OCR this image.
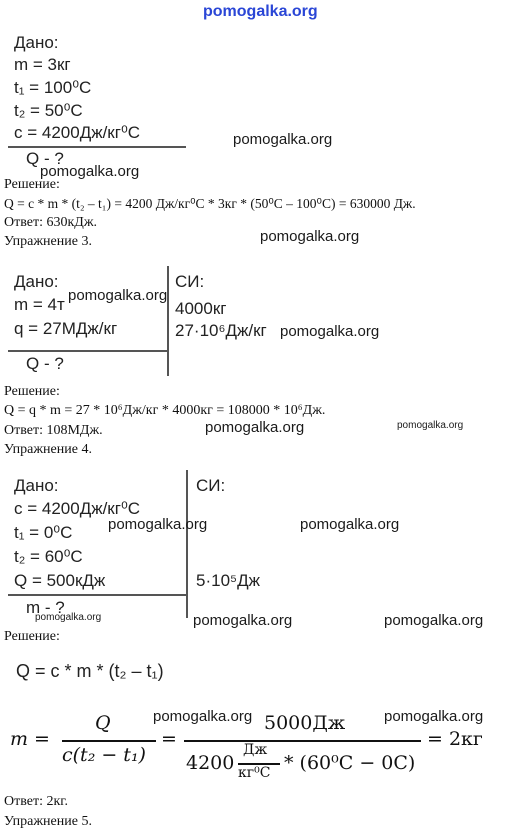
pomogalka.org
Дано:
m = 3кг
t₁ = 100⁰C
t₂ = 50⁰C
c = 4200Дж/кг⁰C
Q - ?
pomogalka.org
pomogalka.org
Решение:
Q = c * m * (t₂ – t₁) = 4200 Дж/кг⁰C * 3кг * (50⁰C – 100⁰C) = 630000 Дж.
Ответ: 630кДж.
Упражнение 3.	pomogalka.org
Дано:
m = 4т
q = 27МДж/кг
Q - ?
СИ:
4000кг
27·10⁶Дж/кг
pomogalka.org
pomogalka.org
Решение:
Q = q * m = 27 * 10⁶Дж/кг * 4000кг = 108000 * 10⁶Дж.
Ответ: 108МДж.
Упражнение 4.
pomogalka.org	pomogalka.org
Дано:
c = 4200Дж/кг⁰C
t₁ = 0⁰C
t₂ = 60⁰C
Q = 500кДж
m - ?
СИ:
5·10⁵Дж
pomogalka.org	pomogalka.org
pomogalka.org	pomogalka.org	pomogalka.org
Решение:
Q = c * m * (t₂ – t₁)
m =
Q
c(t₂ − t₁)
=
5000Дж
4200
Дж
кг⁰С * (60⁰C − 0C)
= 2кг
pomogalka.org	pomogalka.org
Ответ: 2кг.
Упражнение 5.
